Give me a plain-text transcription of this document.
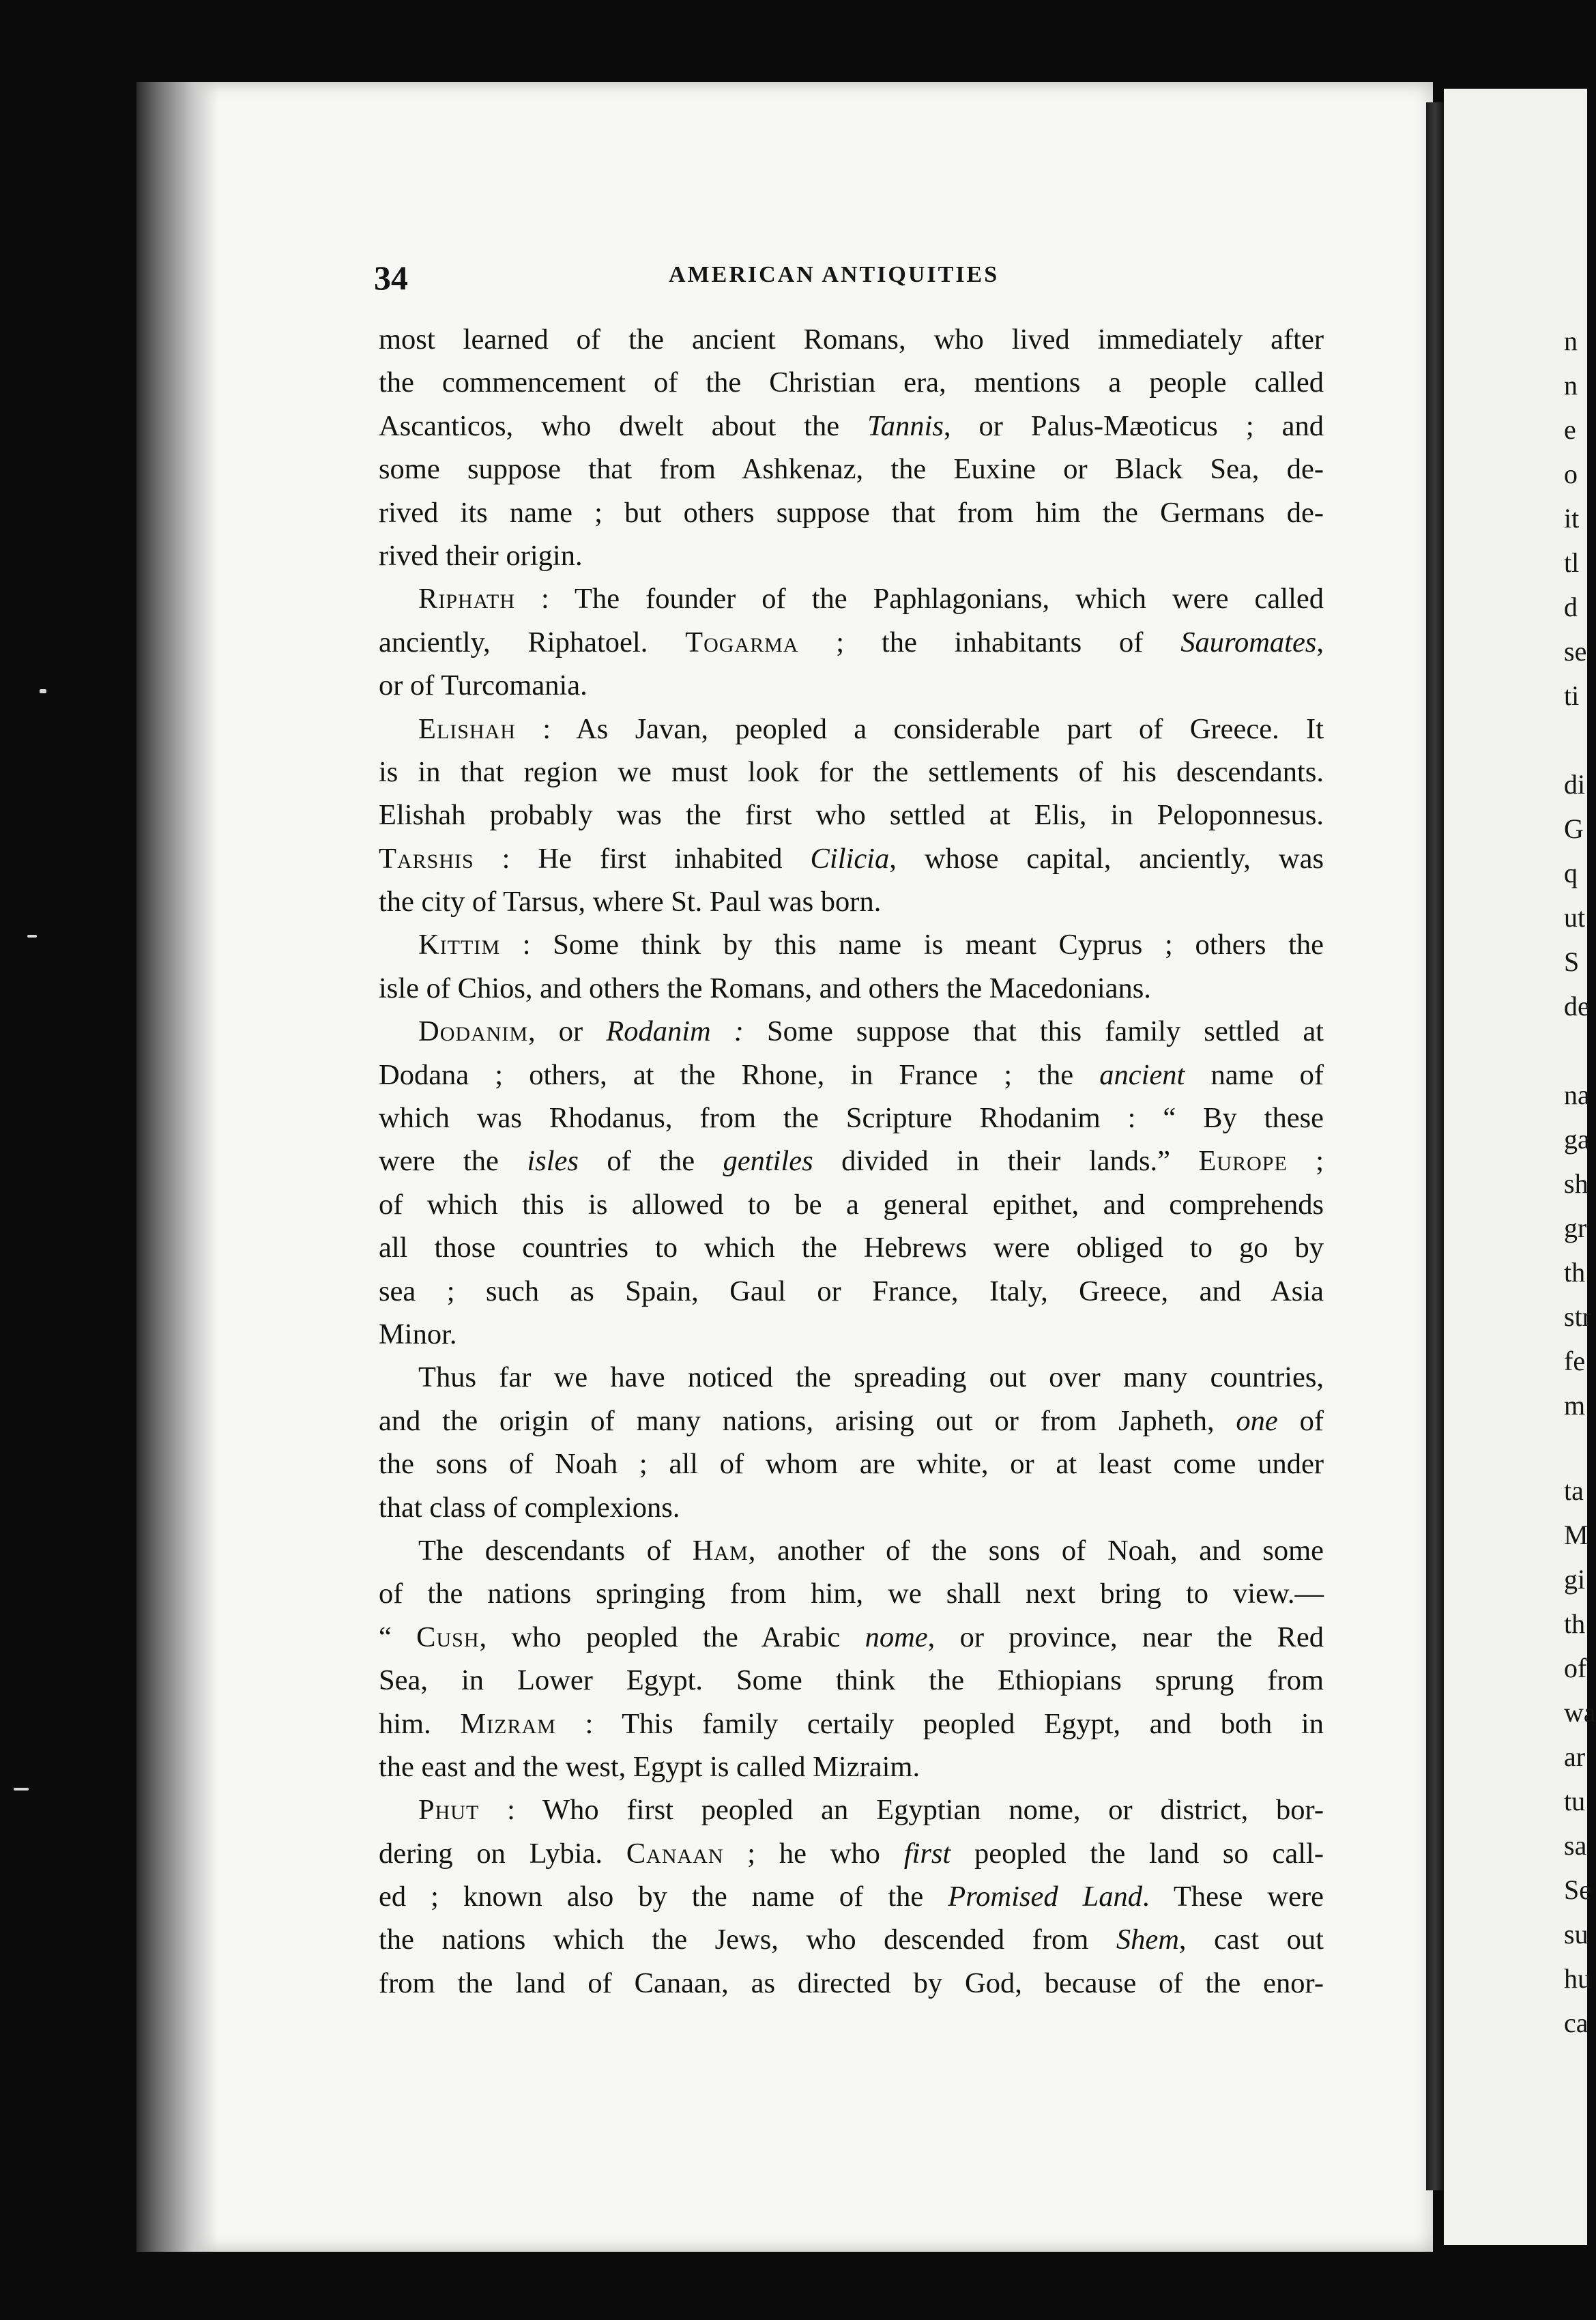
34	AMERICAN ANTIQUITIES
most learned of the ancient Romans, who lived immediately after
the commencement of the Christian era, mentions a people called
Ascanticos, who dwelt about the Tannis, or Palus-Mæoticus ; and
some suppose that from Ashkenaz, the Euxine or Black Sea, de-
rived its name ; but others suppose that from him the Germans de-
rived their origin.
Riphath : The founder of the Paphlagonians, which were called
anciently, Riphatoel. Togarma ; the inhabitants of Sauromates,
or of Turcomania.
Elishah : As Javan, peopled a considerable part of Greece. It
is in that region we must look for the settlements of his descendants.
Elishah probably was the first who settled at Elis, in Peloponnesus.
Tarshis : He first inhabited Cilicia, whose capital, anciently, was
the city of Tarsus, where St. Paul was born.
Kittim : Some think by this name is meant Cyprus ; others the
isle of Chios, and others the Romans, and others the Macedonians.
Dodanim, or Rodanim : Some suppose that this family settled at
Dodana ; others, at the Rhone, in France ; the ancient name of
which was Rhodanus, from the Scripture Rhodanim : “ By these
were the isles of the gentiles divided in their lands.” Europe ;
of which this is allowed to be a general epithet, and comprehends
all those countries to which the Hebrews were obliged to go by
sea ; such as Spain, Gaul or France, Italy, Greece, and Asia
Minor.
Thus far we have noticed the spreading out over many countries,
and the origin of many nations, arising out or from Japheth, one of
the sons of Noah ; all of whom are white, or at least come under
that class of complexions.
The descendants of Ham, another of the sons of Noah, and some
of the nations springing from him, we shall next bring to view.—
“ Cush, who peopled the Arabic nome, or province, near the Red
Sea, in Lower Egypt. Some think the Ethiopians sprung from
him. Mizram : This family certaily peopled Egypt, and both in
the east and the west, Egypt is called Mizraim.
Phut : Who first peopled an Egyptian nome, or district, bor-
dering on Lybia. Canaan ; he who first peopled the land so call-
ed ; known also by the name of the Promised Land. These were
the nations which the Jews, who descended from Shem, cast out
from the land of Canaan, as directed by God, because of the enor-
n
n
e
o
it
tl
d
se
ti
di
G
q
ut
S
de
na
ga
sh
gr
th
str
fe
m
ta
M
gi
th
of
wa
ar
tu
sa
Se
su
hu
ca
